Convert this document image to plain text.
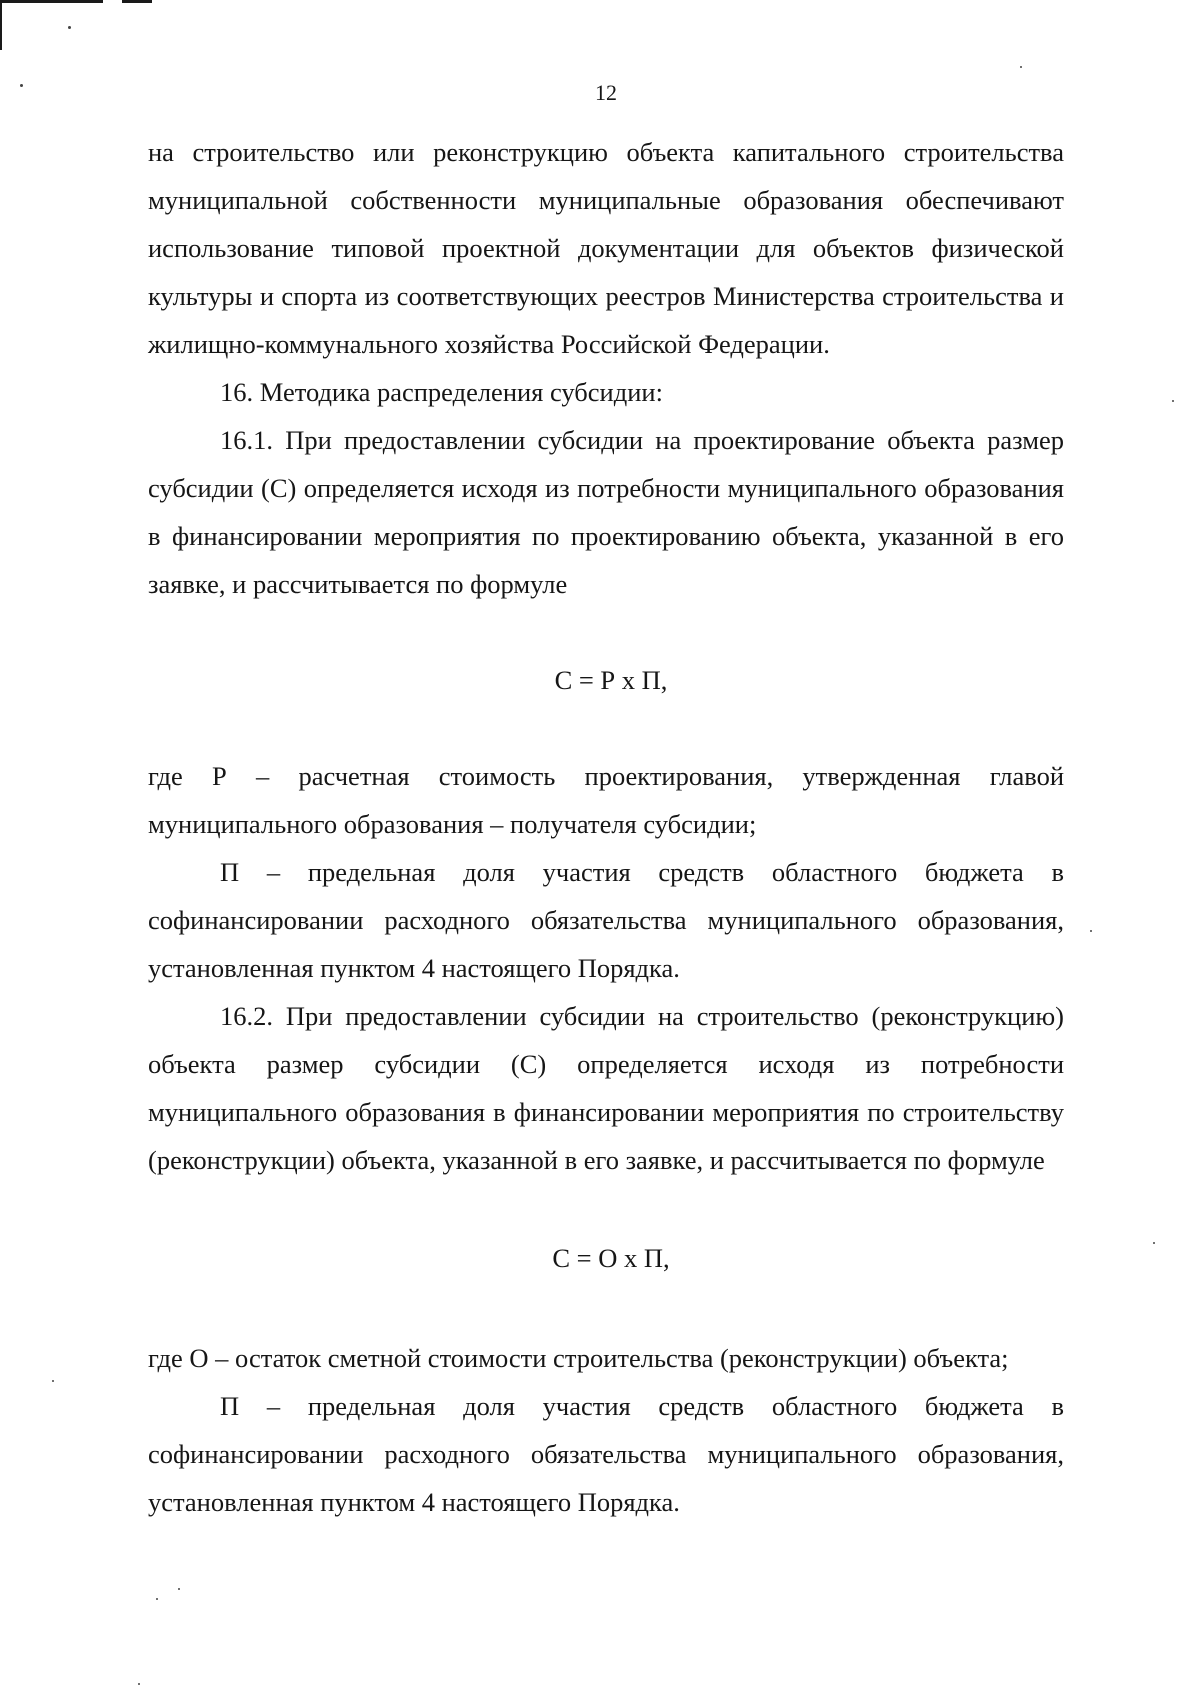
12

на строительство или реконструкцию объекта капитального строительства муниципальной собственности муниципальные образования обеспечивают использование типовой проектной документации для объектов физической культуры и спорта из соответствующих реестров Министерства строительства и жилищно-коммунального хозяйства Российской Федерации.

16. Методика распределения субсидии:

16.1. При предоставлении субсидии на проектирование объекта размер субсидии (С) определяется исходя из потребности муниципального образования в финансировании мероприятия по проектированию объекта, указанной в его заявке, и рассчитывается по формуле

С = Р х П,

где Р – расчетная стоимость проектирования, утвержденная главой муниципального образования – получателя субсидии;

П – предельная доля участия средств областного бюджета в софинансировании расходного обязательства муниципального образования, установленная пунктом 4 настоящего Порядка.

16.2. При предоставлении субсидии на строительство (реконструкцию) объекта размер субсидии (С) определяется исходя из потребности муниципального образования в финансировании мероприятия по строительству (реконструкции) объекта, указанной в его заявке, и рассчитывается по формуле

С = О х П,

где О – остаток сметной стоимости строительства (реконструкции) объекта;

П – предельная доля участия средств областного бюджета в софинансировании расходного обязательства муниципального образования, установленная пунктом 4 настоящего Порядка.
